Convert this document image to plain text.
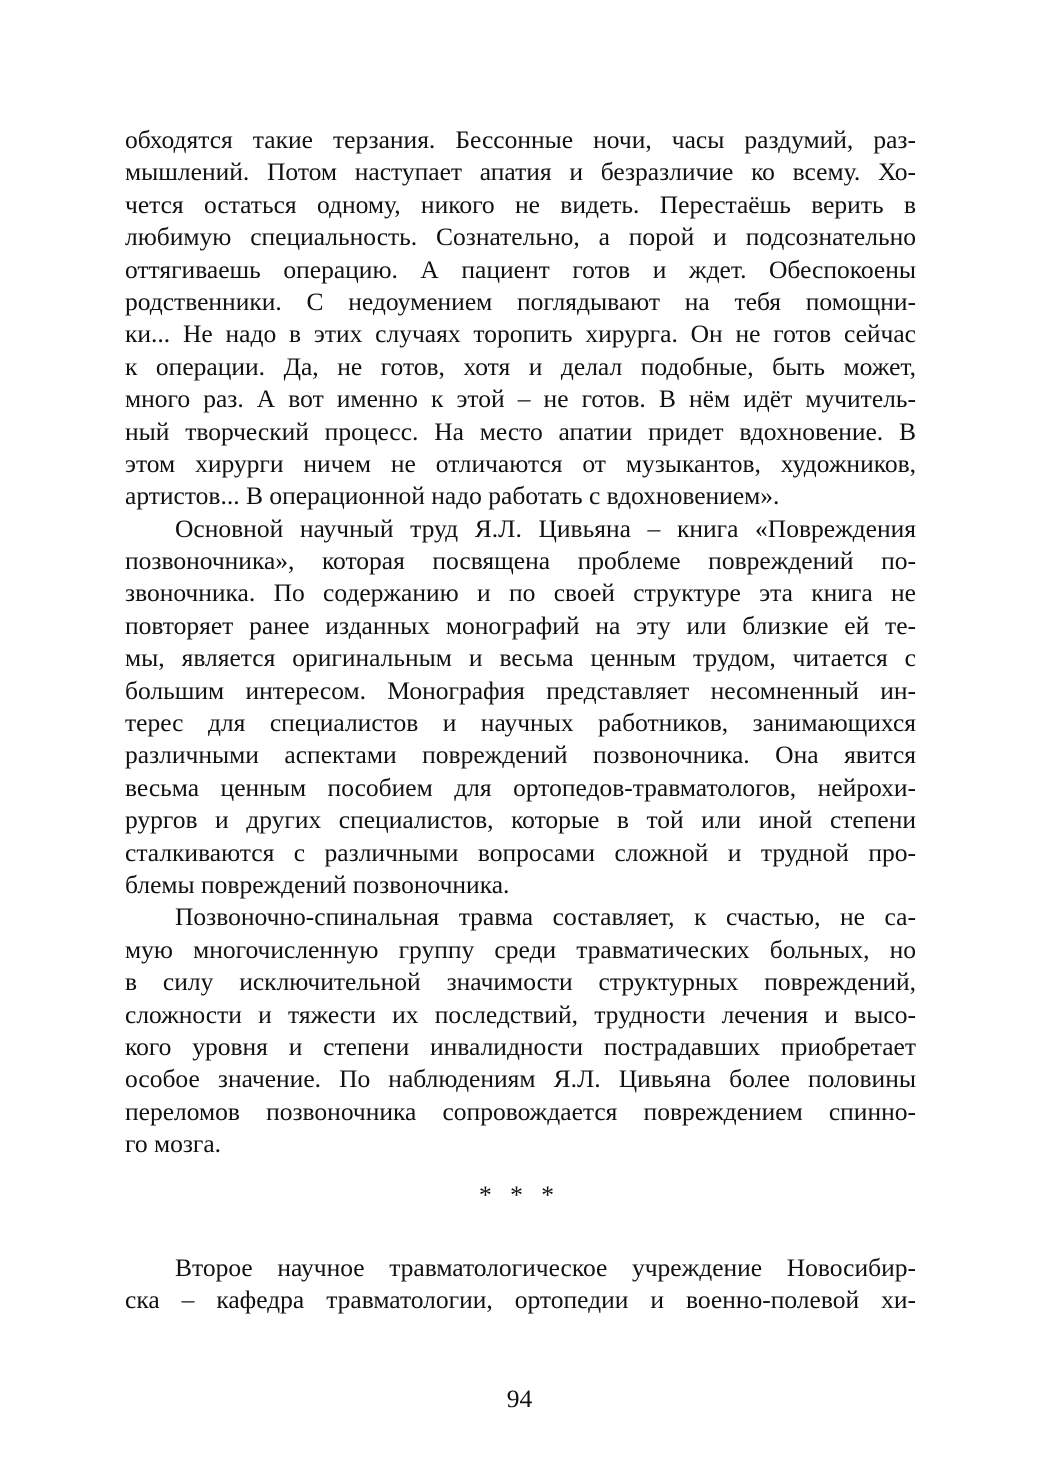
обходятся такие терзания. Бессонные ночи, часы раздумий, раз-
мышлений. Потом наступает апатия и безразличие ко всему. Хо-
чется остаться одному, никого не видеть. Перестаёшь верить в
любимую специальность. Сознательно, а порой и подсознательно
оттягиваешь операцию. А пациент готов и ждет. Обеспокоены
родственники. С недоумением поглядывают на тебя помощни-
ки... Не надо в этих случаях торопить хирурга. Он не готов сейчас
к операции. Да, не готов, хотя и делал подобные, быть может,
много раз. А вот именно к этой – не готов. В нём идёт мучитель-
ный творческий процесс. На место апатии придет вдохновение. В
этом хирурги ничем не отличаются от музыкантов, художников,
артистов... В операционной надо работать с вдохновением».
Основной научный труд Я.Л. Цивьяна – книга «Повреждения
позвоночника», которая посвящена проблеме повреждений по-
звоночника. По содержанию и по своей структуре эта книга не
повторяет ранее изданных монографий на эту или близкие ей те-
мы, является оригинальным и весьма ценным трудом, читается с
большим интересом. Монография представляет несомненный ин-
терес для специалистов и научных работников, занимающихся
различными аспектами повреждений позвоночника. Она явится
весьма ценным пособием для ортопедов-травматологов, нейрохи-
рургов и других специалистов, которые в той или иной степени
сталкиваются с различными вопросами сложной и трудной про-
блемы повреждений позвоночника.
Позвоночно-спинальная травма составляет, к счастью, не са-
мую многочисленную группу среди травматических больных, но
в силу исключительной значимости структурных повреждений,
сложности и тяжести их последствий, трудности лечения и высо-
кого уровня и степени инвалидности пострадавших приобретает
особое значение. По наблюдениям Я.Л. Цивьяна более половины
переломов позвоночника сопровождается повреждением спинно-
го мозга.
* * *
Второе научное травматологическое учреждение Новосибир-
ска – кафедра травматологии, ортопедии и военно-полевой хи-
94
